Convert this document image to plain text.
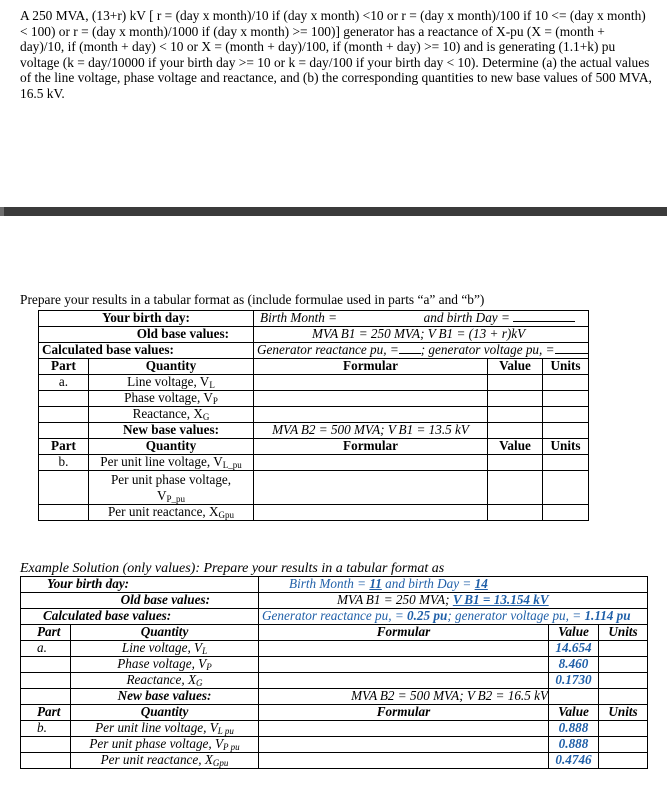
A 250 MVA, (13+r) kV [ r = (day x month)/10 if (day x month) <10 or r = (day x month)/100 if 10 <= (day x month) < 100) or r = (day x month)/1000 if (day x month) >= 100)] generator has a reactance of X-pu (X = (month + day)/10, if (month + day) < 10 or X = (month + day)/100, if (month + day) >= 10) and is generating (1.1+k) pu voltage (k = day/10000 if your birth day >= 10 or k = day/100 if your birth day < 10). Determine (a) the actual values of the line voltage, phase voltage and reactance, and (b) the corresponding quantities to new base values of 500 MVA, 16.5 kV.

Prepare your results in a tabular format as (include formulae used in parts “a” and “b”)

Your birth day:		Birth Month = and birth Day =		
Old base values:		MVA B1 = 250 MVA; V B1 = (13 + r)kV		
Calculated base values:		Generator reactance pu, = ; generator voltage pu, =		
Part	Quantity	Formular	Value	Units
a.	Line voltage, $V_L$			
	Phase voltage, $V_P$			
	Reactance, $X_G$			
	New base values:	MVA B2 = 500 MVA; V B1 = 13.5 kV		
Part	Quantity	Formular	Value	Units
b.	Per unit line voltage, $V_{L\_pu}$			
	Per unit phase voltage,
$V_{P\_pu}$			
	Per unit reactance, $X_{Gpu}$			

Example Solution (only values): Prepare your results in a tabular format as

Your birth day:		Birth Month = 11 and birth Day = 14		
Old base values:		MVA B1 = 250 MVA; V B1 = 13.154 kV		
Calculated base values:		Generator reactance pu, = 0.25 pu; generator voltage pu, = 1.114 pu		
Part	Quantity	Formular	Value	Units
a.	Line voltage, $V_L$		14.654	
	Phase voltage, $V_P$		8.460	
	Reactance, $X_G$		0.1730	
	New base values:	MVA B2 = 500 MVA; V B2 = 16.5 kV		
Part	Quantity	Formular	Value	Units
b.	Per unit line voltage, $V_{L pu}$		0.888	
	Per unit phase voltage, $V_{P pu}$		0.888	
	Per unit reactance, $X_{Gpu}$		0.4746	
